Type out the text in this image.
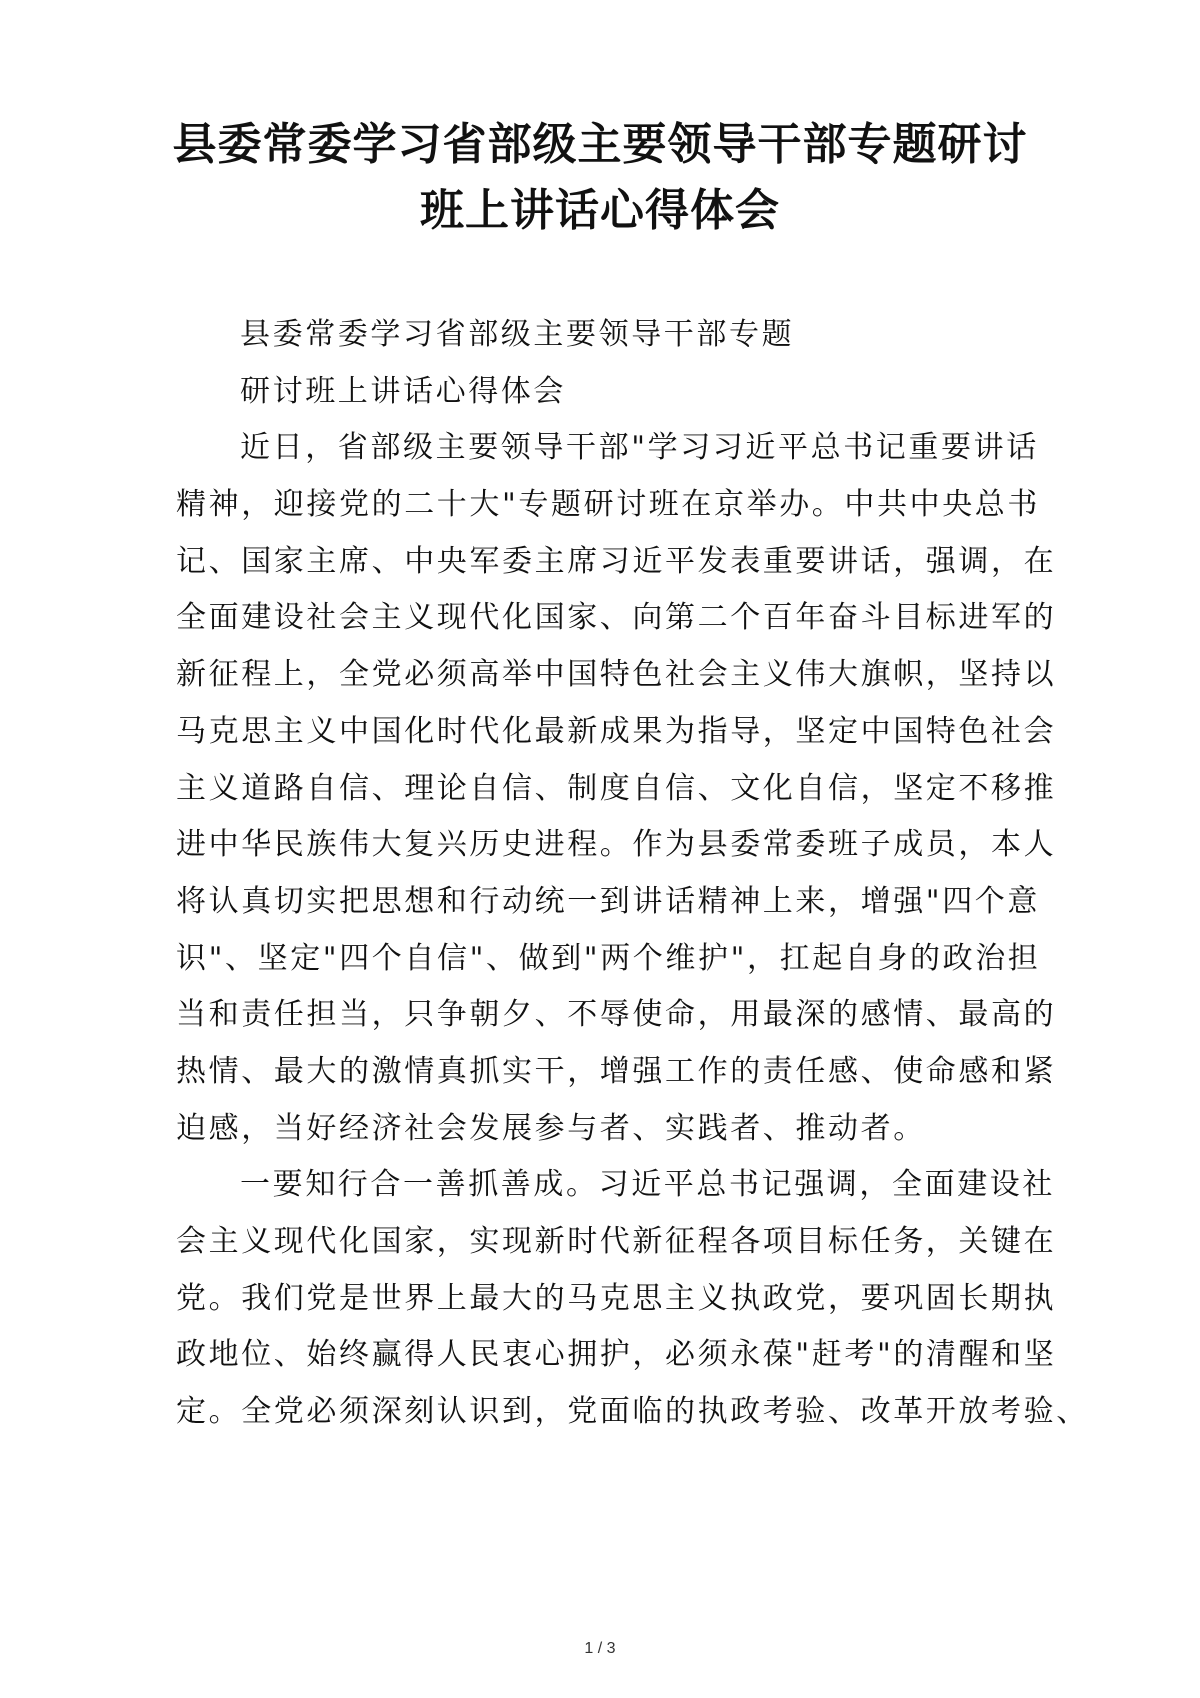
县委常委学习省部级主要领导干部专题研讨
班上讲话心得体会
县委常委学习省部级主要领导干部专题
研讨班上讲话心得体会
近日，省部级主要领导干部"学习习近平总书记重要讲话
精神，迎接党的二十大"专题研讨班在京举办。中共中央总书
记、国家主席、中央军委主席习近平发表重要讲话，强调，在
全面建设社会主义现代化国家、向第二个百年奋斗目标进军的
新征程上，全党必须高举中国特色社会主义伟大旗帜，坚持以
马克思主义中国化时代化最新成果为指导，坚定中国特色社会
主义道路自信、理论自信、制度自信、文化自信，坚定不移推
进中华民族伟大复兴历史进程。作为县委常委班子成员，本人
将认真切实把思想和行动统一到讲话精神上来，增强"四个意
识"、坚定"四个自信"、做到"两个维护"，扛起自身的政治担
当和责任担当，只争朝夕、不辱使命，用最深的感情、最高的
热情、最大的激情真抓实干，增强工作的责任感、使命感和紧
迫感，当好经济社会发展参与者、实践者、推动者。
一要知行合一善抓善成。习近平总书记强调，全面建设社
会主义现代化国家，实现新时代新征程各项目标任务，关键在
党。我们党是世界上最大的马克思主义执政党，要巩固长期执
政地位、始终赢得人民衷心拥护，必须永葆"赶考"的清醒和坚
定。全党必须深刻认识到，党面临的执政考验、改革开放考验、
1 / 3
